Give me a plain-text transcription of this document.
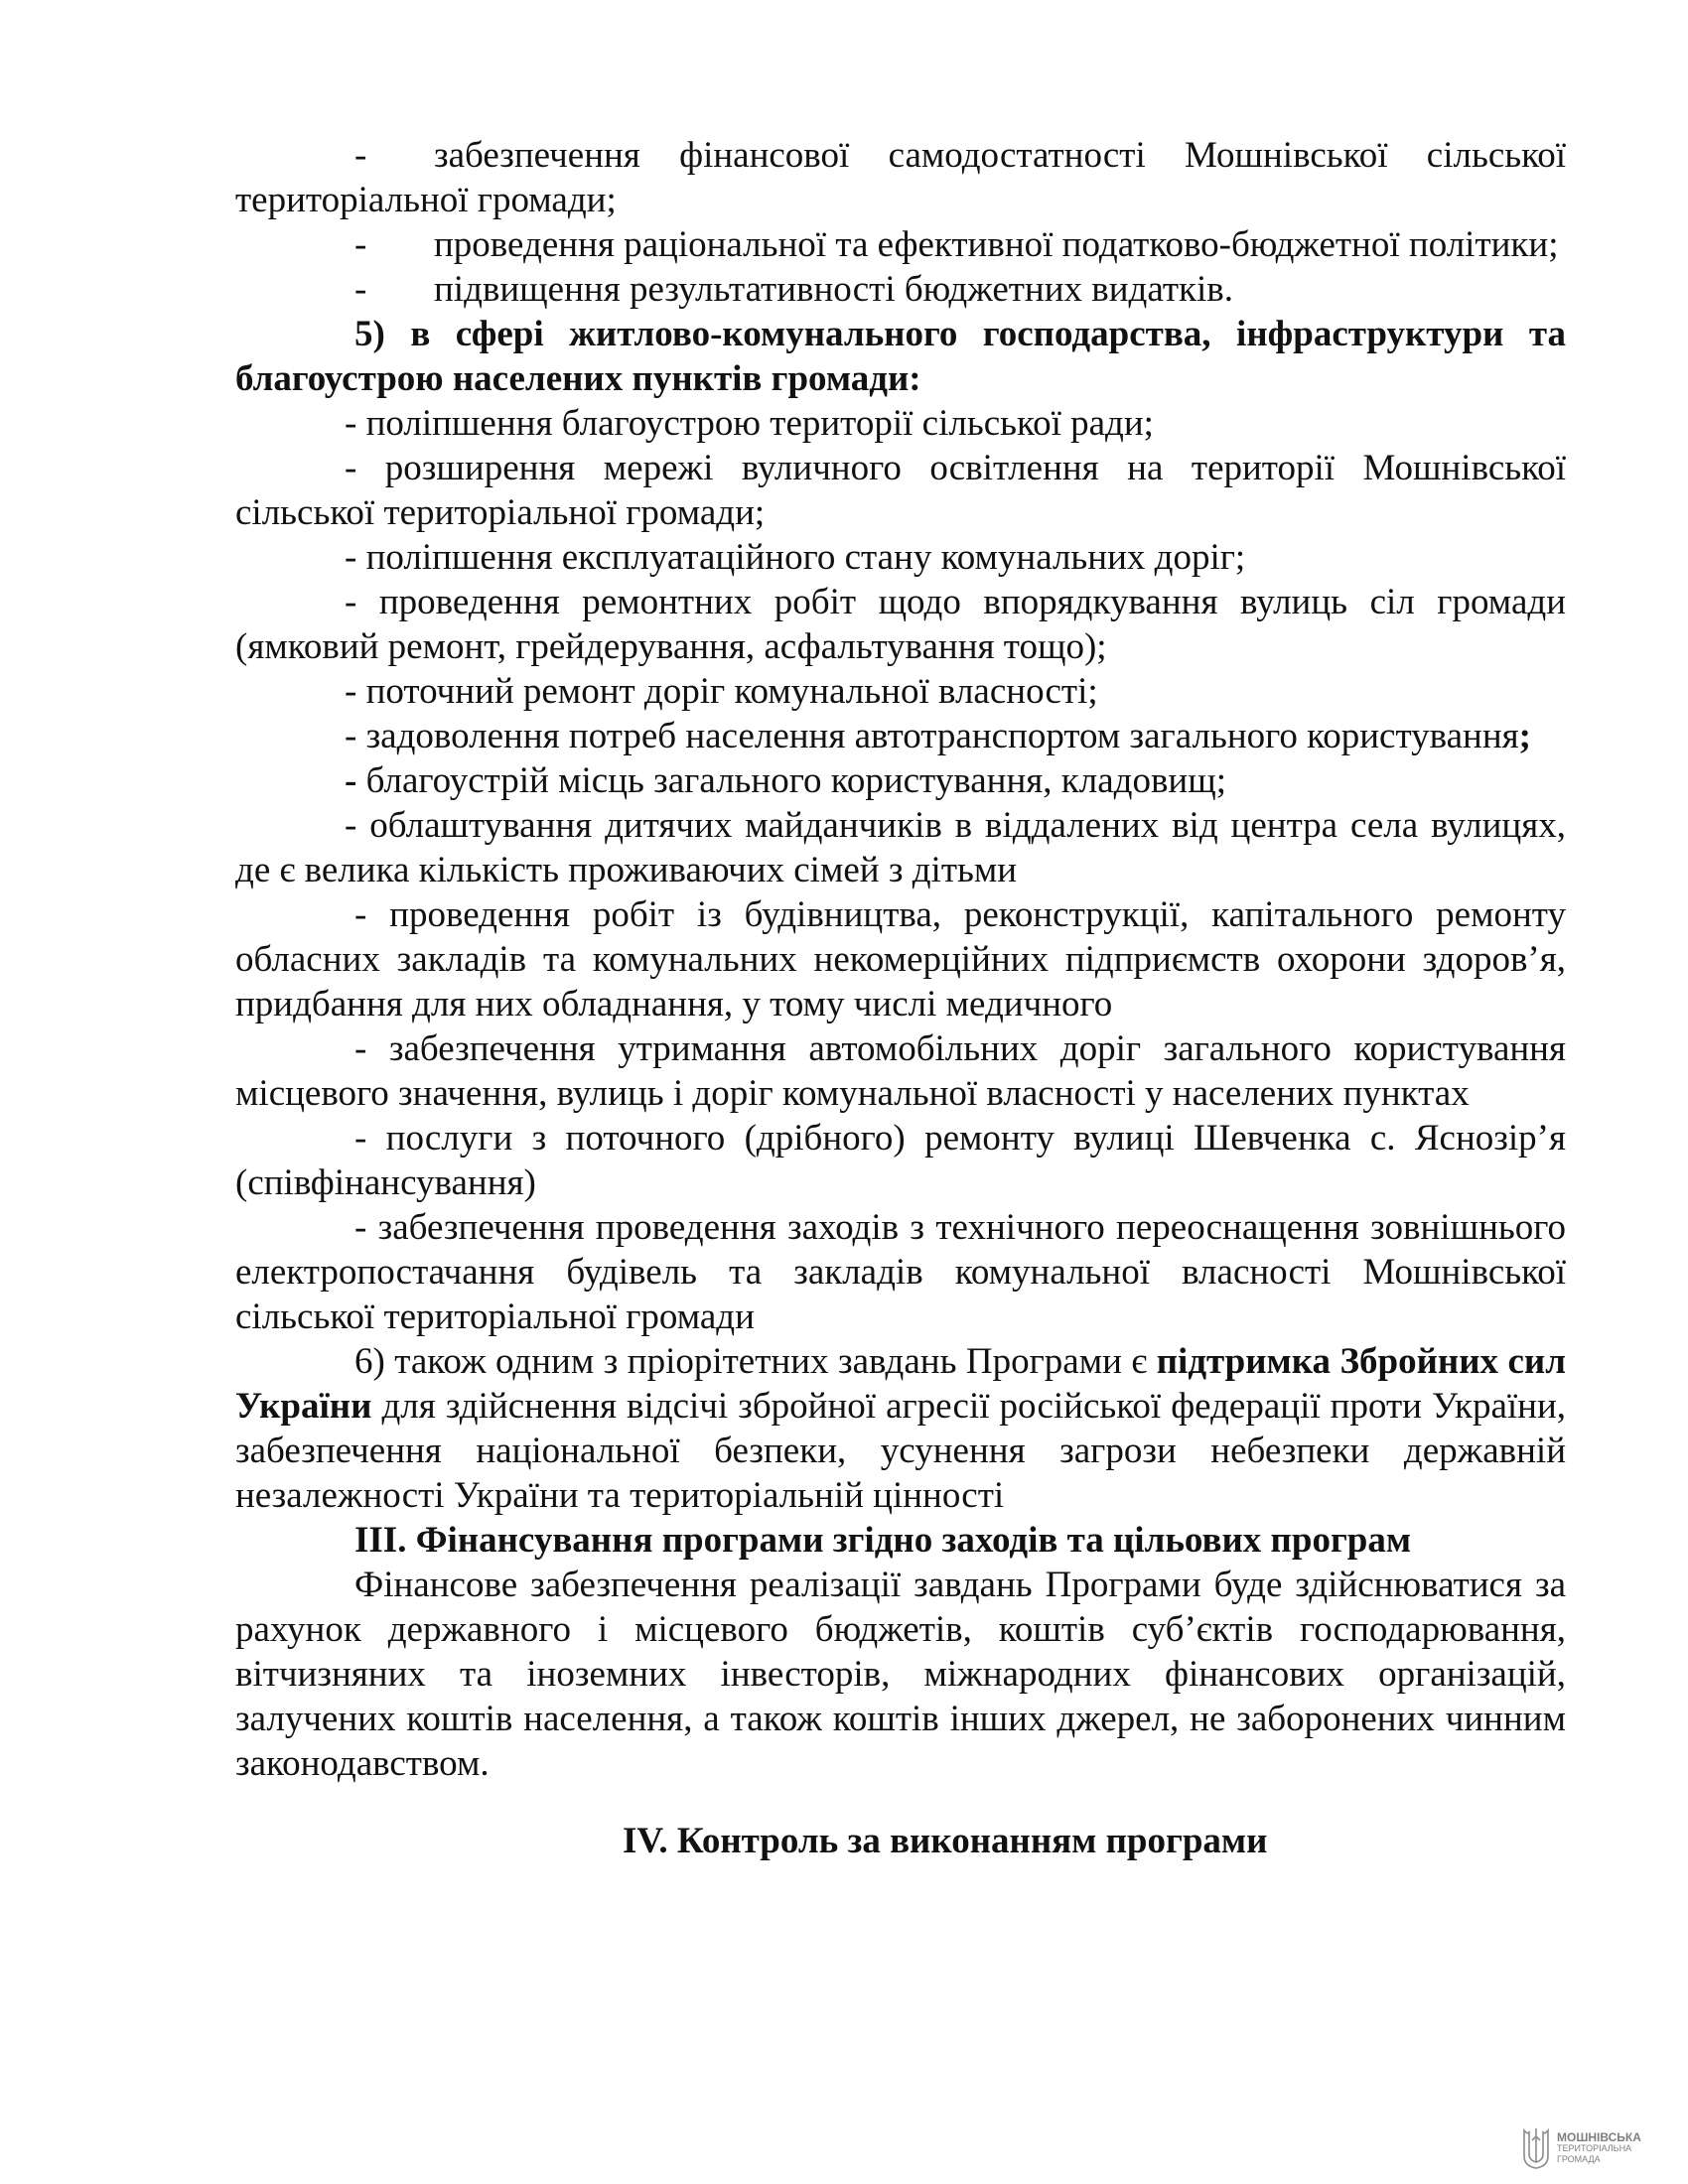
- забезпечення фінансової самодостатності Мошнівської сільської територіальної громади;

- проведення раціональної та ефективної податково-бюджетної політики;

- підвищення результативності бюджетних видатків.

5) в сфері житлово-комунального господарства, інфраструктури та благоустрою населених пунктів громади:

- поліпшення благоустрою території сільської ради;

- розширення мережі вуличного освітлення на території Мошнівської сільської територіальної громади;

- поліпшення експлуатаційного стану комунальних доріг;

- проведення ремонтних робіт щодо впорядкування вулиць сіл громади (ямковий ремонт, грейдерування, асфальтування тощо);

- поточний ремонт доріг комунальної власності;

- задоволення потреб населення автотранспортом загального користування;

- благоустрій місць загального користування, кладовищ;

- облаштування дитячих майданчиків в віддалених від центра села вулицях, де є велика кількість проживаючих сімей з дітьми

- проведення робіт із будівництва, реконструкції, капітального ремонту обласних закладів та комунальних некомерційних підприємств охорони здоров’я, придбання для них обладнання, у тому числі медичного

- забезпечення утримання автомобільних доріг загального користування місцевого значення, вулиць і доріг комунальної власності у населених пунктах

- послуги з поточного (дрібного) ремонту вулиці Шевченка с. Яснозір’я (співфінансування)

- забезпечення проведення заходів з технічного переоснащення зовнішнього електропостачання будівель та закладів комунальної власності Мошнівської сільської територіальної громади

6) також одним з пріорітетних завдань Програми є підтримка Збройних сил України для здійснення відсічі збройної агресії російської федерації проти України, забезпечення національної безпеки, усунення загрози небезпеки державній незалежності України та територіальній цінності

ІІІ. Фінансування програми згідно заходів та цільових програм

Фінансове забезпечення реалізації завдань Програми буде здійснюватися за рахунок державного і місцевого бюджетів, коштів суб’єктів господарювання, вітчизняних та іноземних інвесторів, міжнародних фінансових організацій, залучених коштів населення, а також коштів інших джерел, не заборонених чинним законодавством.

IV. Контроль за виконанням програми
МОШНІВСЬКА
ТЕРИТОРІАЛЬНА
ГРОМАДА
